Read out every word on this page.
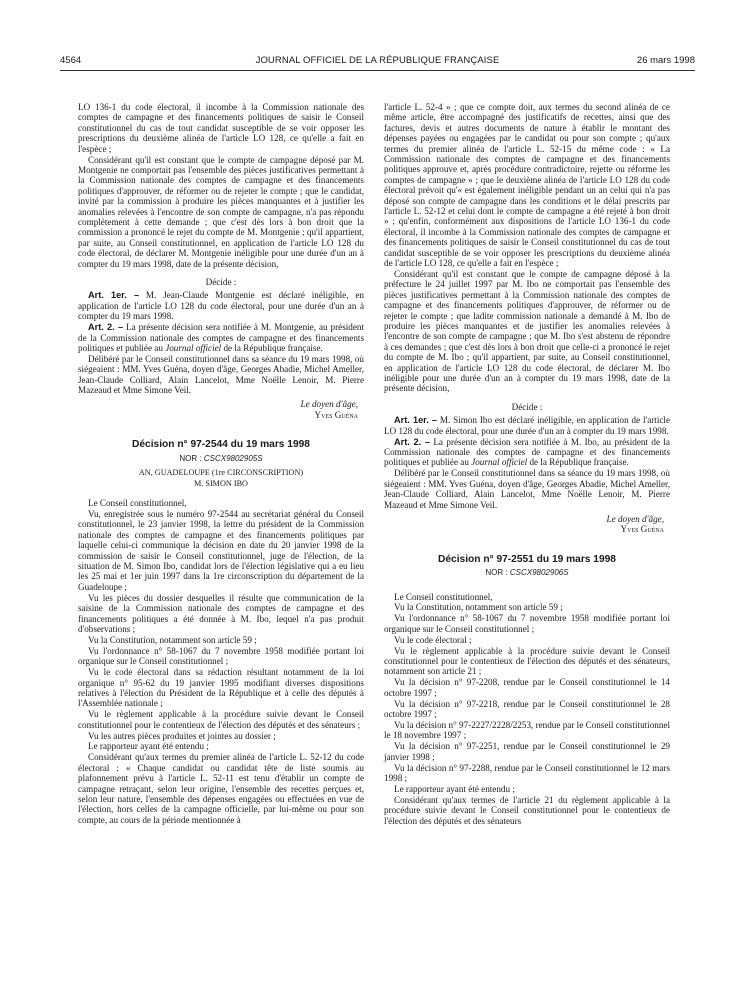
4564	JOURNAL OFFICIEL DE LA RÉPUBLIQUE FRANÇAISE	26 mars 1998

LO 136-1 du code électoral, il incombe à la Commission nationale des comptes de campagne et des financements politiques de saisir le Conseil constitutionnel du cas de tout candidat susceptible de se voir opposer les prescriptions du deuxième alinéa de l'article LO 128, ce qu'elle a fait en l'espèce ;

Considérant qu'il est constant que le compte de campagne déposé par M. Montgenie ne comportait pas l'ensemble des pièces justificatives permettant à la Commission nationale des comptes de campagne et des financements politiques d'approuver, de réformer ou de rejeter le compte ; que le candidat, invité par la commission à produire les pièces manquantes et à justifier les anomalies relevées à l'encontre de son compte de campagne, n'a pas répondu complètement à cette demande ; que c'est dès lors à bon droit que la commission a prononcé le rejet du compte de M. Montgenie ; qu'il appartient, par suite, au Conseil constitutionnel, en application de l'article LO 128 du code électoral, de déclarer M. Montgenie inéligible pour une durée d'un an à compter du 19 mars 1998, date de la présente décision,

Décide :

Art. 1er. – M. Jean-Claude Montgenie est déclaré inéligible, en application de l'article LO 128 du code électoral, pour une durée d'un an à compter du 19 mars 1998.

Art. 2. – La présente décision sera notifiée à M. Montgenie, au président de la Commission nationale des comptes de campagne et des financements politiques et publiée au Journal officiel de la République française.

Délibéré par le Conseil constitutionnel dans sa séance du 19 mars 1998, où siégeaient : MM. Yves Guéna, doyen d'âge, Georges Abadie, Michel Ameller, Jean-Claude Colliard, Alain Lancelot, Mme Noëlle Lenoir, M. Pierre Mazeaud et Mme Simone Veil.

Le doyen d'âge,
Yves Guéna

Décision n° 97-2544 du 19 mars 1998

NOR : CSCX9802905S

AN, GUADELOUPE (1re CIRCONSCRIPTION)

M. SIMON IBO

Le Conseil constitutionnel,

Vu, enregistrée sous le numéro 97-2544 au secrétariat général du Conseil constitutionnel, le 23 janvier 1998, la lettre du président de la Commission nationale des comptes de campagne et des financements politiques par laquelle celui-ci communique la décision en date du 20 janvier 1998 de la commission de saisir le Conseil constitutionnel, juge de l'élection, de la situation de M. Simon Ibo, candidat lors de l'élection législative qui a eu lieu les 25 mai et 1er juin 1997 dans la 1re circonscription du département de la Guadeloupe ;

Vu les pièces du dossier desquelles il résulte que communication de la saisine de la Commission nationale des comptes de campagne et des financements politiques a été donnée à M. Ibo, lequel n'a pas produit d'observations ;

Vu la Constitution, notamment son article 59 ;

Vu l'ordonnance n° 58-1067 du 7 novembre 1958 modifiée portant loi organique sur le Conseil constitutionnel ;

Vu le code électoral dans sa rédaction résultant notamment de la loi organique n° 95-62 du 19 janvier 1995 modifiant diverses dispositions relatives à l'élection du Président de la République et à celle des députés à l'Assemblée nationale ;

Vu le règlement applicable à la procédure suivie devant le Conseil constitutionnel pour le contentieux de l'élection des députés et des sénateurs ;

Vu les autres pièces produites et jointes au dossier ;

Le rapporteur ayant été entendu ;

Considérant qu'aux termes du premier alinéa de l'article L. 52-12 du code électoral : « Chaque candidat ou candidat tête de liste soumis au plafonnement prévu à l'article L. 52-11 est tenu d'établir un compte de campagne retraçant, selon leur origine, l'ensemble des recettes perçues et, selon leur nature, l'ensemble des dépenses engagées ou effectuées en vue de l'élection, hors celles de la campagne officielle, par lui-même ou pour son compte, au cours de la période mentionnée à

l'article L. 52-4 » ; que ce compte doit, aux termes du second alinéa de ce même article, être accompagné des justificatifs de recettes, ainsi que des factures, devis et autres documents de nature à établir le montant des dépenses payées ou engagées par le candidat ou pour son compte ; qu'aux termes du premier alinéa de l'article L. 52-15 du même code : « La Commission nationale des comptes de campagne et des financements politiques approuve et, après procédure contradictoire, rejette ou réforme les comptes de campagne » ; que le deuxième alinéa de l'article LO 128 du code électoral prévoit qu'« est également inéligible pendant un an celui qui n'a pas déposé son compte de campagne dans les conditions et le délai prescrits par l'article L. 52-12 et celui dont le compte de campagne a été rejeté à bon droit » ; qu'enfin, conformément aux dispositions de l'article LO 136-1 du code électoral, il incombe à la Commission nationale des comptes de campagne et des financements politiques de saisir le Conseil constitutionnel du cas de tout candidat susceptible de se voir opposer les prescriptions du deuxième alinéa de l'article LO 128, ce qu'elle a fait en l'espèce ;

Considérant qu'il est constant que le compte de campagne déposé à la préfecture le 24 juillet 1997 par M. Ibo ne comportait pas l'ensemble des pièces justificatives permettant à la Commission nationale des comptes de campagne et des financements politiques d'approuver, de réformer ou de rejeter le compte ; que ladite commission nationale a demandé à M. Ibo de produire les pièces manquantes et de justifier les anomalies relevées à l'encontre de son compte de campagne ; que M. Ibo s'est abstenu de répondre à ces demandes ; que c'est dès lors à bon droit que celle-ci a prononcé le rejet du compte de M. Ibo ; qu'il appartient, par suite, au Conseil constitutionnel, en application de l'article LO 128 du code électoral, de déclarer M. Ibo inéligible pour une durée d'un an à compter du 19 mars 1998, date de la présente décision,

Décide :

Art. 1er. – M. Simon Ibo est déclaré inéligible, en application de l'article LO 128 du code électoral, pour une durée d'un an à compter du 19 mars 1998.

Art. 2. – La présente décision sera notifiée à M. Ibo, au président de la Commission nationale des comptes de campagne et des financements politiques et publiée au Journal officiel de la République française.

Délibéré par le Conseil constitutionnel dans sa séance du 19 mars 1998, où siégeaient : MM. Yves Guéna, doyen d'âge, Georges Abadie, Michel Ameller, Jean-Claude Colliard, Alain Lancelot, Mme Noëlle Lenoir, M. Pierre Mazeaud et Mme Simone Veil.

Le doyen d'âge,
Yves Guéna

Décision n° 97-2551 du 19 mars 1998

NOR : CSCX9802906S

Le Conseil constitutionnel,

Vu la Constitution, notamment son article 59 ;

Vu l'ordonnance n° 58-1067 du 7 novembre 1958 modifiée portant loi organique sur le Conseil constitutionnel ;

Vu le code électoral ;

Vu le règlement applicable à la procédure suivie devant le Conseil constitutionnel pour le contentieux de l'élection des députés et des sénateurs, notamment son article 21 ;

Vu la décision n° 97-2208, rendue par le Conseil constitutionnel le 14 octobre 1997 ;

Vu la décision n° 97-2218, rendue par le Conseil constitutionnel le 28 octobre 1997 ;

Vu la décision n° 97-2227/2228/2253, rendue par le Conseil constitutionnel le 18 novembre 1997 ;

Vu la décision n° 97-2251, rendue par le Conseil constitutionnel le 29 janvier 1998 ;

Vu la décision n° 97-2288, rendue par le Conseil constitutionnel le 12 mars 1998 ;

Le rapporteur ayant été entendu ;

Considérant qu'aux termes de l'article 21 du règlement applicable à la procédure suivie devant le Conseil constitutionnel pour le contentieux de l'élection des députés et des sénateurs
